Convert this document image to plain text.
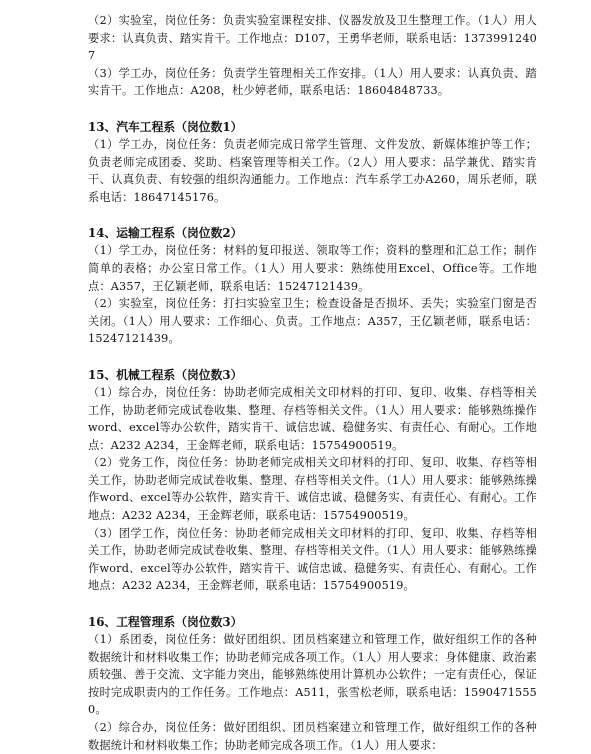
（2）实验室，岗位任务：负责实验室课程安排、仪器发放及卫生整理工作。（1人）用人要求：认真负责、踏实肯干。工作地点：D107，王勇华老师，联系电话：13739912407

（3）学工办，岗位任务：负责学生管理相关工作安排。（1人）用人要求：认真负责、踏实肯干。工作地点：A208，杜少婷老师，联系电话：18604848733。

13、汽车工程系（岗位数1）

（1）学工办，岗位任务：负责老师完成日常学生管理、文件发放、新媒体维护等工作；负责老师完成团委、奖助、档案管理等相关工作。（2人）用人要求：品学兼优、踏实肯干、认真负责、有较强的组织沟通能力。工作地点：汽车系学工办A260，周乐老师，联系电话：18647145176。

14、运输工程系（岗位数2）

（1）学工办，岗位任务：材料的复印报送、领取等工作；资料的整理和汇总工作；制作简单的表格；办公室日常工作。（1人）用人要求：熟练使用Excel、Office等。工作地点：A357，王亿颖老师，联系电话：15247121439。

（2）实验室，岗位任务：打扫实验室卫生；检查设备是否损坏、丢失；实验室门窗是否关闭。（1人）用人要求：工作细心、负责。工作地点：A357，王亿颖老师，联系电话：15247121439。

15、机械工程系（岗位数3）

（1）综合办，岗位任务：协助老师完成相关文印材料的打印、复印、收集、存档等相关工作，协助老师完成试卷收集、整理、存档等相关文件。（1人）用人要求：能够熟练操作word、excel等办公软件，踏实肯干、诚信忠诚、稳健务实、有责任心、有耐心。工作地点：A232 A234，王金辉老师，联系电话：15754900519。

（2）党务工作，岗位任务：协助老师完成相关文印材料的打印、复印、收集、存档等相关工作，协助老师完成试卷收集、整理、存档等相关文件。（1人）用人要求：能够熟练操作word、excel等办公软件，踏实肯干、诚信忠诚、稳健务实、有责任心、有耐心。工作地点：A232 A234，王金辉老师，联系电话：15754900519。

（3）团学工作，岗位任务：协助老师完成相关文印材料的打印、复印、收集、存档等相关工作，协助老师完成试卷收集、整理、存档等相关文件。（1人）用人要求：能够熟练操作word、excel等办公软件，踏实肯干、诚信忠诚、稳健务实、有责任心、有耐心。工作地点：A232 A234，王金辉老师，联系电话：15754900519。

16、工程管理系（岗位数3）

（1）系团委，岗位任务：做好团组织、团员档案建立和管理工作，做好组织工作的各种数据统计和材料收集工作；协助老师完成各项工作。（1人）用人要求：身体健康、政治素质较强、善于交流、文字能力突出，能够熟练使用计算机办公软件；一定有责任心，保证按时完成职责内的工作任务。工作地点：A511，张雪松老师，联系电话：15904715550。

（2）综合办，岗位任务：做好团组织、团员档案建立和管理工作，做好组织工作的各种数据统计和材料收集工作；协助老师完成各项工作。（1人）用人要求：
